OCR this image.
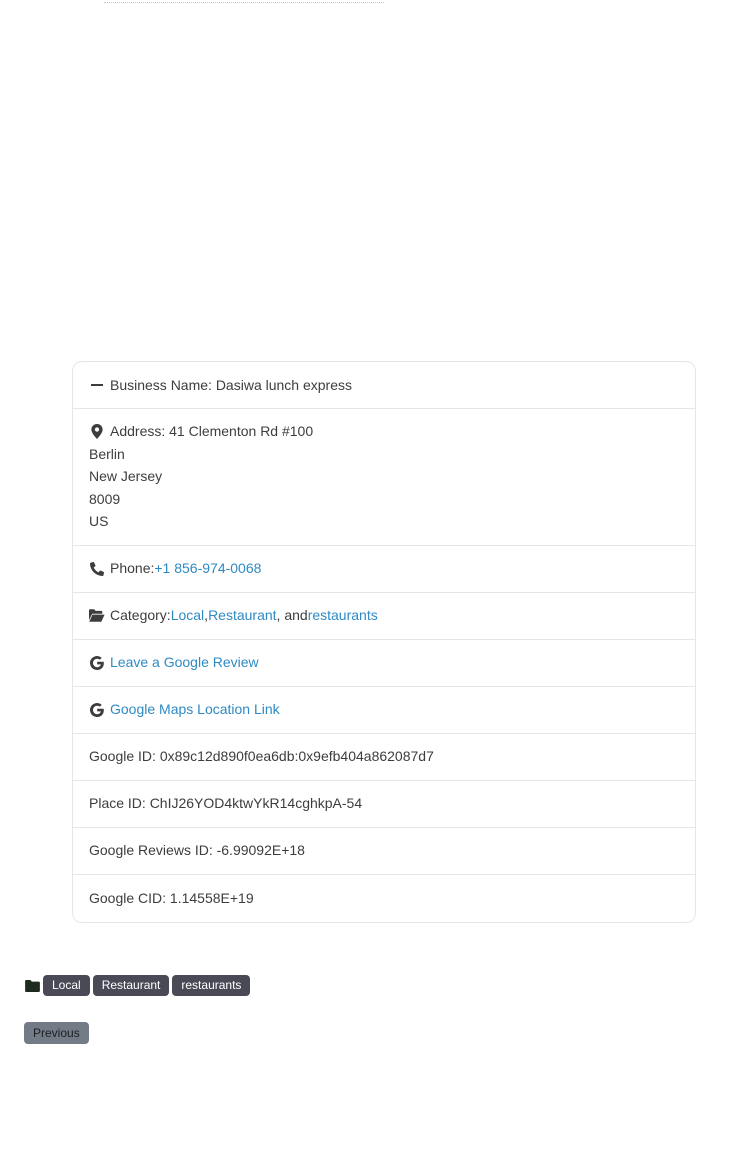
Business Name: Dasiwa lunch express
Address: 41 Clementon Rd #100
Berlin
New Jersey
8009
US
Phone: +1 856-974-0068
Category: Local , Restaurant , and restaurants
Leave a Google Review
Google Maps Location Link
Google ID: 0x89c12d890f0ea6db:0x9efb404a862087d7
Place ID: ChIJ26YOD4ktwYkR14cghkpA-54
Google Reviews ID: -6.99092E+18
Google CID: 1.14558E+19
Local	Restaurant	restaurants
Previous
